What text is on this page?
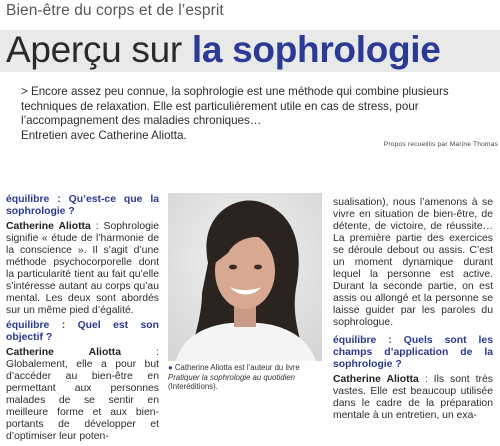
Bien-être du corps et de l’esprit
Aperçu sur la sophrologie
> Encore assez peu connue, la sophrologie est une méthode qui combine plusieurs techniques de relaxation. Elle est particulièrement utile en cas de stress, pour l’accompagnement des maladies chroniques…
Entretien avec Catherine Aliotta.
Propos recueillis par Marine Thomas

équilibre : Qu’est-ce que la sophrologie ?

Catherine Aliotta : Sophrologie signifie « étude de l’harmonie de la conscience ». Il s’agit d’une méthode psychocorporelle dont la particularité tient au fait qu’elle s’intéresse autant au corps qu’au mental. Les deux sont abordés sur un même pied d’égalité.

équilibre : Quel est son objectif ?

Catherine Aliotta : Globalement, elle a pour but d’accéder au bien-être en permettant aux personnes malades de se sentir en meilleure forme et aux bien-portants de développer et d’optimiser leur poten-

● Catherine Aliotta est l’auteur du livre
Pratiquer la sophrologie au quotidien (Interéditions).

sualisation), nous l’amenons à se vivre en situation de bien-être, de détente, de victoire, de réussite… La première partie des exercices se déroule debout ou assis. C’est un moment dynamique durant lequel la personne est active. Durant la seconde partie, on est assis ou allongé et la personne se laisse guider par les paroles du sophrologue.

équilibre : Quels sont les champs d’application de la sophrologie ?

Catherine Aliotta : Ils sont très vastes. Elle est beaucoup utilisée dans le cadre de la préparation mentale à un entretien, un exa-
